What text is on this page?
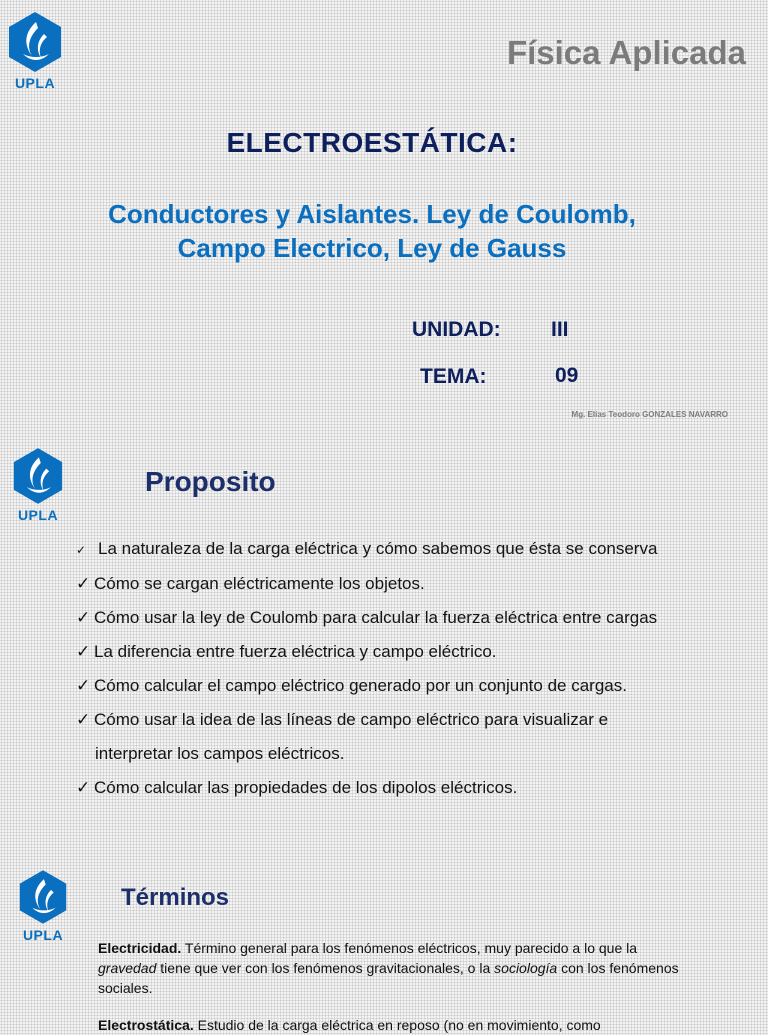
UPLA
Física Aplicada
ELECTROESTÁTICA:
Conductores y Aislantes. Ley de Coulomb,
Campo Electrico, Ley de Gauss
UNIDAD: III
TEMA:	09
Mg. Elías Teodoro GONZALES NAVARRO
UPLA
Proposito
✓ La naturaleza de la carga eléctrica y cómo sabemos que ésta se conserva
✓ Cómo se cargan eléctricamente los objetos.
✓ Cómo usar la ley de Coulomb para calcular la fuerza eléctrica entre cargas
✓ La diferencia entre fuerza eléctrica y campo eléctrico.
✓ Cómo calcular el campo eléctrico generado por un conjunto de cargas.
✓ Cómo usar la idea de las líneas de campo eléctrico para visualizar e
interpretar los campos eléctricos.
✓ Cómo calcular las propiedades de los dipolos eléctricos.
UPLA
Términos
Electricidad. Término general para los fenómenos eléctricos, muy parecido a lo que la gravedad tiene que ver con los fenómenos gravitacionales, o la sociología con los fenómenos sociales.
Electrostática. Estudio de la carga eléctrica en reposo (no en movimiento, como
